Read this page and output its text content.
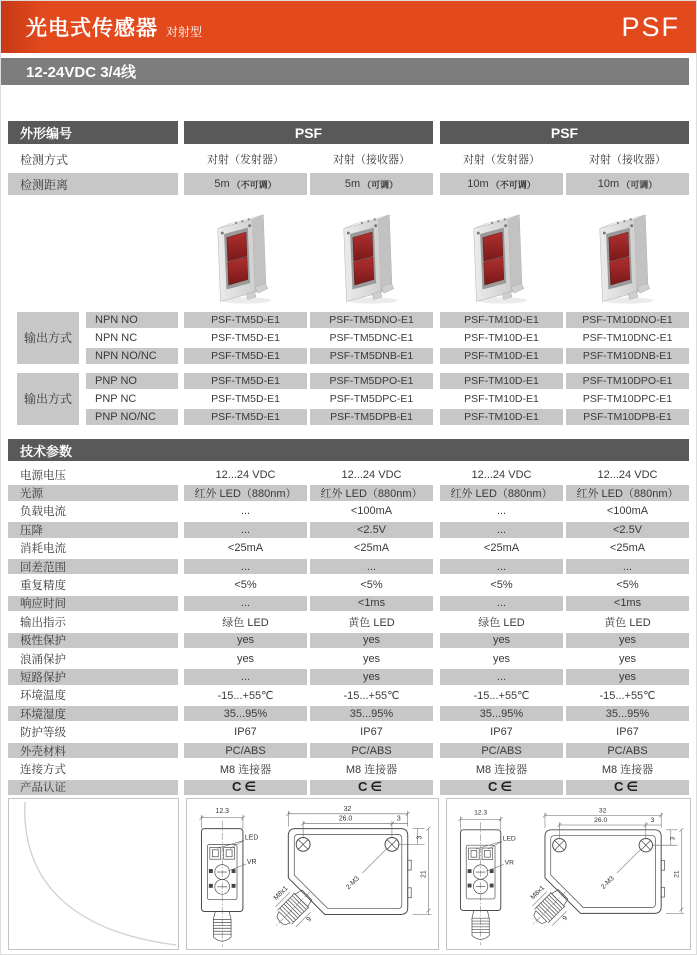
光电式传感器 对射型	PSF
12-24VDC 3/4线
外形编号	PSF	PSF
检测方式	对射（发射器）	对射（接收器）	对射（发射器）	对射（接收器）
检测距离	5m （不可调）	5m （可调）	10m （不可调）	10m （可调）
输出方式
NPN NO	PSF-TM5D-E1	PSF-TM5DNO-E1	PSF-TM10D-E1	PSF-TM10DNO-E1
NPN NC	PSF-TM5D-E1	PSF-TM5DNC-E1	PSF-TM10D-E1	PSF-TM10DNC-E1
NPN NO/NC	PSF-TM5D-E1	PSF-TM5DNB-E1	PSF-TM10D-E1	PSF-TM10DNB-E1
输出方式
PNP NO	PSF-TM5D-E1	PSF-TM5DPO-E1	PSF-TM10D-E1	PSF-TM10DPO-E1
PNP NC	PSF-TM5D-E1	PSF-TM5DPC-E1	PSF-TM10D-E1	PSF-TM10DPC-E1
PNP NO/NC	PSF-TM5D-E1	PSF-TM5DPB-E1	PSF-TM10D-E1	PSF-TM10DPB-E1
技术参数
电源电压	12...24 VDC	12...24 VDC	12...24 VDC	12...24 VDC
光源	红外 LED（880nm）	红外 LED（880nm）	红外 LED（880nm）	红外 LED（880nm）
负载电流	...	<100mA	...	<100mA
压降	...	<2.5V	...	<2.5V
消耗电流	<25mA	<25mA	<25mA	<25mA
回差范围	...	...	...	...
重复精度	<5%	<5%	<5%	<5%
响应时间	...	<1ms	...	<1ms
输出指示	绿色 LED	黄色 LED	绿色 LED	黄色 LED
极性保护	yes	yes	yes	yes
浪涌保护	yes	yes	yes	yes
短路保护	...	yes	...	yes
环境温度	-15...+55℃	-15...+55℃	-15...+55℃	-15...+55℃
环境湿度	35...95%	35...95%	35...95%	35...95%
防护等级	IP67	IP67	IP67	IP67
外壳材料	PC/ABS	PC/ABS	PC/ABS	PC/ABS
连接方式	M8 连接器	M8 连接器	M8 连接器	M8 连接器
产品认证	C∈	C∈	C∈	C∈
12.3
LED
VR
32
26.0	3
3
21
2-M3
M8x1
9
12.3
LED
VR
32
26.0	3
3
21
2-M3
M8x1
9
